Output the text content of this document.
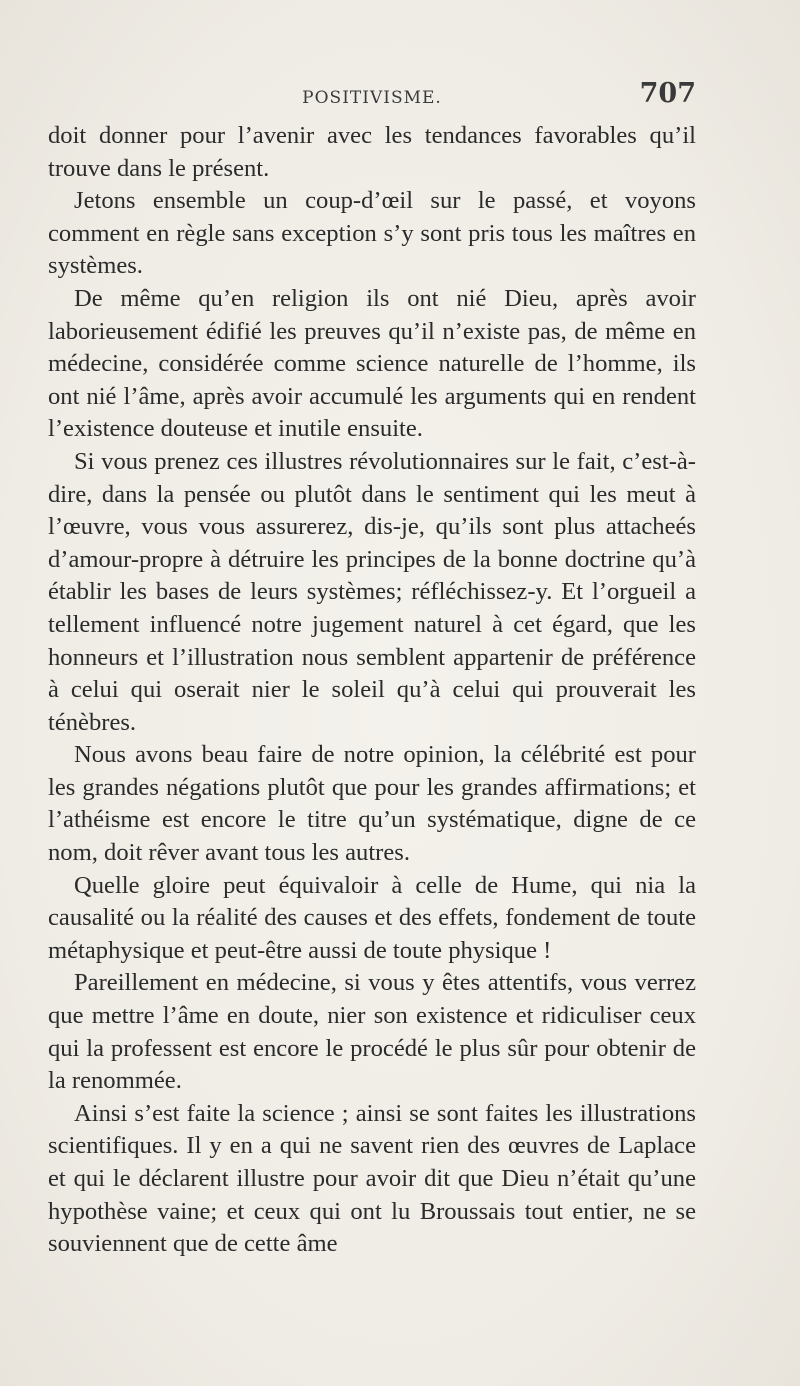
POSITIVISME.	707

doit donner pour l’avenir avec les tendances favorables qu’il trouve dans le présent.

Jetons ensemble un coup-d’œil sur le passé, et voyons comment en règle sans exception s’y sont pris tous les maîtres en systèmes.

De même qu’en religion ils ont nié Dieu, après avoir laborieusement édifié les preuves qu’il n’existe pas, de même en médecine, considérée comme science naturelle de l’homme, ils ont nié l’âme, après avoir accumulé les arguments qui en rendent l’existence douteuse et inutile ensuite.

Si vous prenez ces illustres révolutionnaires sur le fait, c’est-à-dire, dans la pensée ou plutôt dans le sentiment qui les meut à l’œuvre, vous vous assurerez, dis-je, qu’ils sont plus attacheés d’amour-propre à détruire les principes de la bonne doctrine qu’à établir les bases de leurs systèmes; réfléchissez-y. Et l’orgueil a tellement influencé notre jugement naturel à cet égard, que les honneurs et l’illustration nous semblent appartenir de préférence à celui qui oserait nier le soleil qu’à celui qui prouverait les ténèbres.

Nous avons beau faire de notre opinion, la célébrité est pour les grandes négations plutôt que pour les grandes affirmations; et l’athéisme est encore le titre qu’un systématique, digne de ce nom, doit rêver avant tous les autres.

Quelle gloire peut équivaloir à celle de Hume, qui nia la causalité ou la réalité des causes et des effets, fondement de toute métaphysique et peut-être aussi de toute physique !

Pareillement en médecine, si vous y êtes attentifs, vous verrez que mettre l’âme en doute, nier son existence et ridiculiser ceux qui la professent est encore le procédé le plus sûr pour obtenir de la renommée.

Ainsi s’est faite la science ; ainsi se sont faites les illustrations scientifiques. Il y en a qui ne savent rien des œuvres de Laplace et qui le déclarent illustre pour avoir dit que Dieu n’était qu’une hypothèse vaine; et ceux qui ont lu Broussais tout entier, ne se souviennent que de cette âme
